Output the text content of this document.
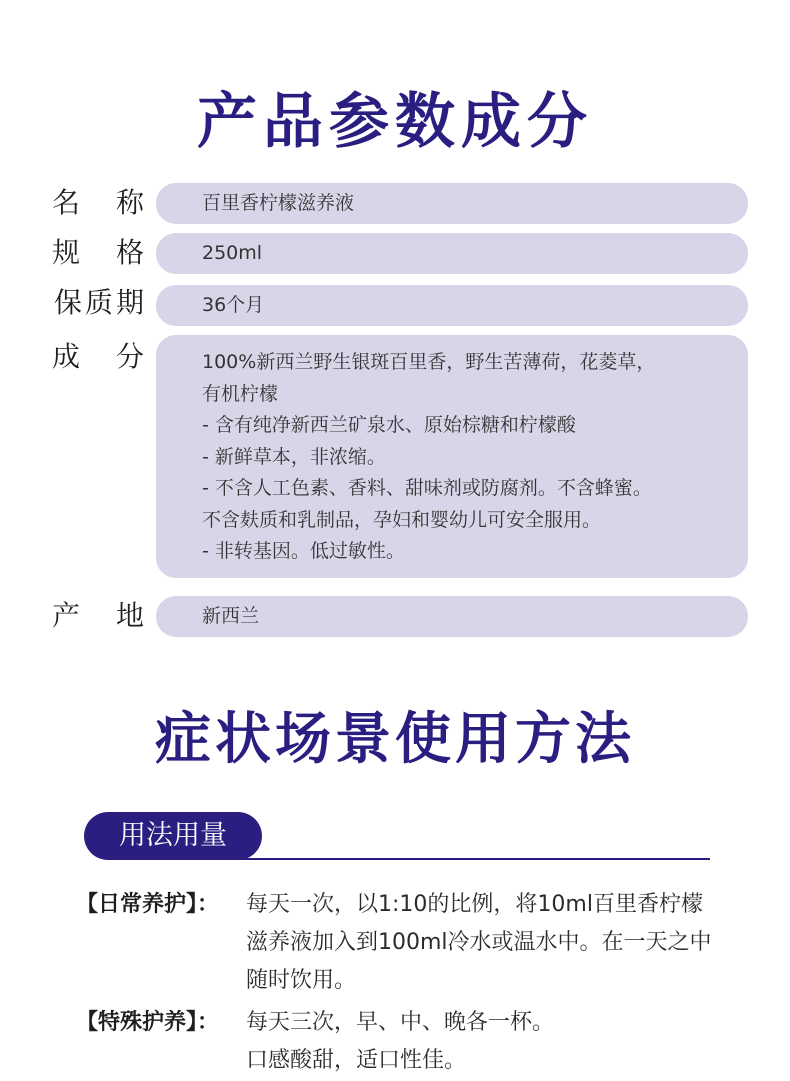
产品参数成分
名称	百里香柠檬滋养液
规格	250ml
保质期	36个月
成分	100%新西兰野生银斑百里香，野生苦薄荷，花菱草，
有机柠檬
- 含有纯净新西兰矿泉水、原始棕糖和柠檬酸
- 新鲜草本，非浓缩。
- 不含人工色素、香料、甜味剂或防腐剂。不含蜂蜜。
不含麸质和乳制品，孕妇和婴幼儿可安全服用。
- 非转基因。低过敏性。
产地	新西兰
症状场景使用方法
用法用量
【日常养护】： 每天一次，以1:10的比例，将10ml百里香柠檬
滋养液加入到100ml冷水或温水中。在一天之中
随时饮用。
【特殊护养】： 每天三次，早、中、晚各一杯。
口感酸甜，适口性佳。
